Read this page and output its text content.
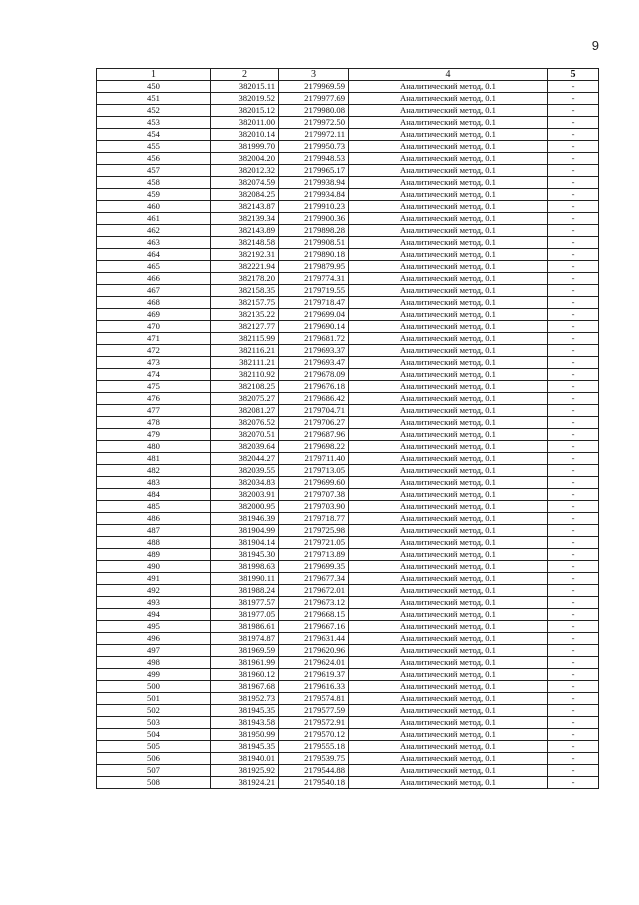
9
1	2	3	4	5
450	382015.11	2179969.59	Аналитический метод, 0.1	-
451	382019.52	2179977.69	Аналитический метод, 0.1	-
452	382015.12	2179980.08	Аналитический метод, 0.1	-
453	382011.00	2179972.50	Аналитический метод, 0.1	-
454	382010.14	2179972.11	Аналитический метод, 0.1	-
455	381999.70	2179950.73	Аналитический метод, 0.1	-
456	382004.20	2179948.53	Аналитический метод, 0.1	-
457	382012.32	2179965.17	Аналитический метод, 0.1	-
458	382074.59	2179938.94	Аналитический метод, 0.1	-
459	382084.25	2179934.84	Аналитический метод, 0.1	-
460	382143.87	2179910.23	Аналитический метод, 0.1	-
461	382139.34	2179900.36	Аналитический метод, 0.1	-
462	382143.89	2179898.28	Аналитический метод, 0.1	-
463	382148.58	2179908.51	Аналитический метод, 0.1	-
464	382192.31	2179890.18	Аналитический метод, 0.1	-
465	382221.94	2179879.95	Аналитический метод, 0.1	-
466	382178.20	2179774.31	Аналитический метод, 0.1	-
467	382158.35	2179719.55	Аналитический метод, 0.1	-
468	382157.75	2179718.47	Аналитический метод, 0.1	-
469	382135.22	2179699.04	Аналитический метод, 0.1	-
470	382127.77	2179690.14	Аналитический метод, 0.1	-
471	382115.99	2179681.72	Аналитический метод, 0.1	-
472	382116.21	2179693.37	Аналитический метод, 0.1	-
473	382111.21	2179693.47	Аналитический метод, 0.1	-
474	382110.92	2179678.09	Аналитический метод, 0.1	-
475	382108.25	2179676.18	Аналитический метод, 0.1	-
476	382075.27	2179686.42	Аналитический метод, 0.1	-
477	382081.27	2179704.71	Аналитический метод, 0.1	-
478	382076.52	2179706.27	Аналитический метод, 0.1	-
479	382070.51	2179687.96	Аналитический метод, 0.1	-
480	382039.64	2179698.22	Аналитический метод, 0.1	-
481	382044.27	2179711.40	Аналитический метод, 0.1	-
482	382039.55	2179713.05	Аналитический метод, 0.1	-
483	382034.83	2179699.60	Аналитический метод, 0.1	-
484	382003.91	2179707.38	Аналитический метод, 0.1	-
485	382000.95	2179703.90	Аналитический метод, 0.1	-
486	381946.39	2179718.77	Аналитический метод, 0.1	-
487	381904.99	2179725.98	Аналитический метод, 0.1	-
488	381904.14	2179721.05	Аналитический метод, 0.1	-
489	381945.30	2179713.89	Аналитический метод, 0.1	-
490	381998.63	2179699.35	Аналитический метод, 0.1	-
491	381990.11	2179677.34	Аналитический метод, 0.1	-
492	381988.24	2179672.01	Аналитический метод, 0.1	-
493	381977.57	2179673.12	Аналитический метод, 0.1	-
494	381977.05	2179668.15	Аналитический метод, 0.1	-
495	381986.61	2179667.16	Аналитический метод, 0.1	-
496	381974.87	2179631.44	Аналитический метод, 0.1	-
497	381969.59	2179620.96	Аналитический метод, 0.1	-
498	381961.99	2179624.01	Аналитический метод, 0.1	-
499	381960.12	2179619.37	Аналитический метод, 0.1	-
500	381967.68	2179616.33	Аналитический метод, 0.1	-
501	381952.73	2179574.81	Аналитический метод, 0.1	-
502	381945.35	2179577.59	Аналитический метод, 0.1	-
503	381943.58	2179572.91	Аналитический метод, 0.1	-
504	381950.99	2179570.12	Аналитический метод, 0.1	-
505	381945.35	2179555.18	Аналитический метод, 0.1	-
506	381940.01	2179539.75	Аналитический метод, 0.1	-
507	381925.92	2179544.88	Аналитический метод, 0.1	-
508	381924.21	2179540.18	Аналитический метод, 0.1	-
